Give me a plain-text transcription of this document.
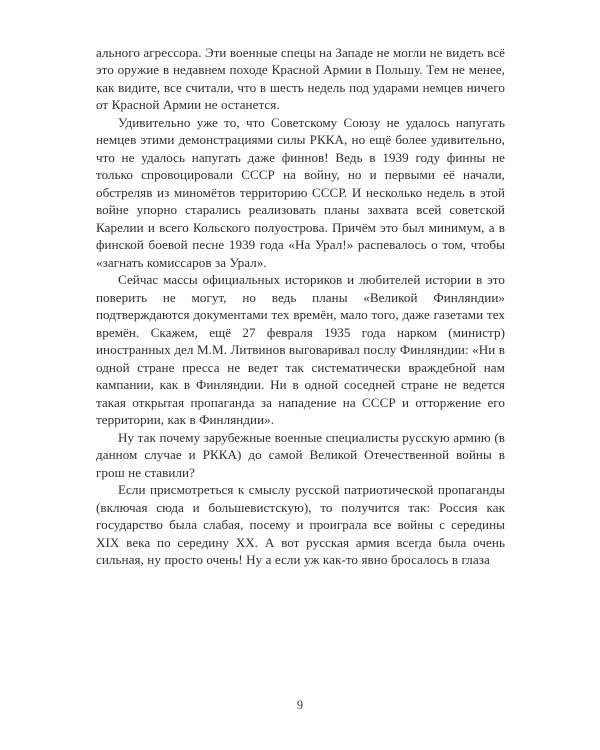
ального агрессора. Эти военные спецы на Западе не могли не видеть всё это оружие в недавнем походе Красной Армии в Польшу. Тем не менее, как видите, все считали, что в шесть недель под ударами немцев ничего от Красной Армии не останется.

Удивительно уже то, что Советскому Союзу не удалось напугать немцев этими демонстрациями силы РККА, но ещё более удивительно, что не удалось напугать даже финнов! Ведь в 1939 году финны не только спровоцировали СССР на войну, но и первыми её начали, обстреляв из миномётов территорию СССР. И несколько недель в этой войне упорно старались реализовать планы захвата всей советской Карелии и всего Кольского полуострова. Причём это был минимум, а в финской боевой песне 1939 года «На Урал!» распевалось о том, чтобы «загнать комиссаров за Урал».

Сейчас массы официальных историков и любителей истории в это поверить не могут, но ведь планы «Великой Финляндии» подтверждаются документами тех времён, мало того, даже газетами тех времён. Скажем, ещё 27 февраля 1935 года нарком (министр) иностранных дел М.М. Литвинов выговаривал послу Финляндии: «Ни в одной стране пресса не ведет так систематически враждебной нам кампании, как в Финляндии. Ни в одной соседней стране не ведется такая открытая пропаганда за нападение на СССР и отторжение его территории, как в Финляндии».

Ну так почему зарубежные военные специалисты русскую армию (в данном случае и РККА) до самой Великой Отечественной войны в грош не ставили?

Если присмотреться к смыслу русской патриотической пропаганды (включая сюда и большевистскую), то получится так: Россия как государство была слабая, посему и проиграла все войны с середины XIX века по середину XX. А вот русская армия всегда была очень сильная, ну просто очень! Ну а если уж как-то явно бросалось в глаза

9
